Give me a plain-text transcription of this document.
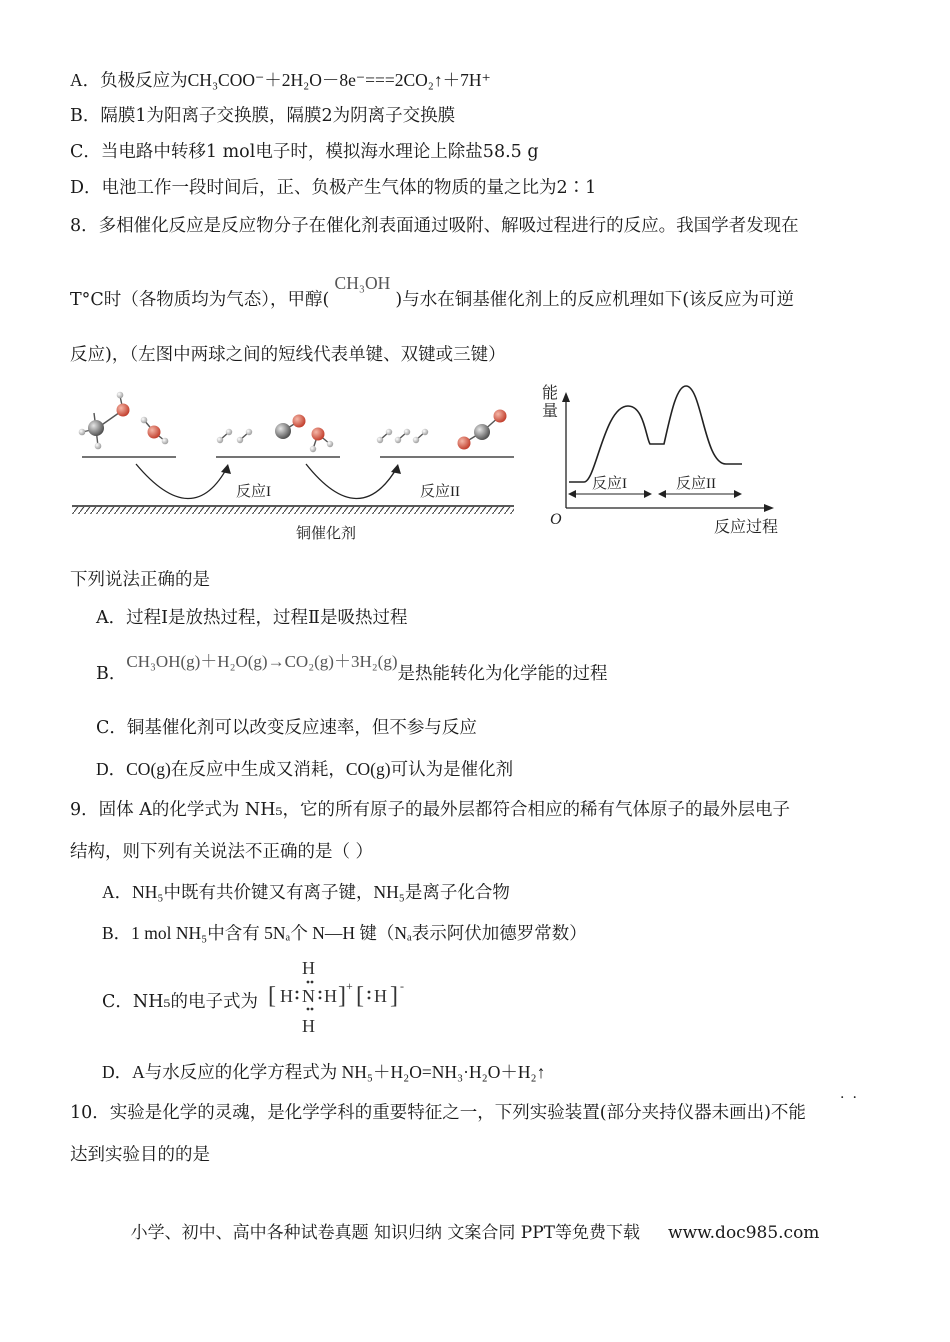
A．负极反应为CH₃COO⁻＋2H₂O－8e⁻===2CO₂↑＋7H⁺
B．隔膜1为阳离子交换膜，隔膜2为阴离子交换膜
C．当电路中转移1 mol电子时，模拟海水理论上除盐58.5 g
D．电池工作一段时间后，正、负极产生气体的物质的量之比为2∶1
8．多相催化反应是反应物分子在催化剂表面通过吸附、解吸过程进行的反应。我国学者发现在
T°C时（各物质均为气态），甲醇(CH₃OH)与水在铜基催化剂上的反应机理如下(该反应为可逆
反应)，（左图中两球之间的短线代表单键、双键或三键）
反应I	反应II
铜催化剂
能
量
O	反应过程
反应I	反应II
下列说法正确的是
A．过程Ⅰ是放热过程，过程Ⅱ是吸热过程
B．CH₃OH(g)＋H₂O(g)→CO₂(g)＋3H₂(g)是热能转化为化学能的过程
C．铜基催化剂可以改变反应速率，但不参与反应
D．CO(g)在反应中生成又消耗，CO(g)可认为是催化剂
9．固体 A的化学式为 NH₅，它的所有原子的最外层都符合相应的稀有气体原子的最外层电子
结构，则下列有关说法不正确的是（ ）
A．NH₅中既有共价键又有离子键，NH₅是离子化合物
B．1 mol NH₅中含有 5Nₐ个 N—H 键（Nₐ表示阿伏加德罗常数）
C．NH₅的电子式为
H
H
[ H N H ] + [ H ] -
D．A与水反应的化学方程式为 NH₅＋H₂O=NH₃·H₂O＋H₂↑
··
10．实验是化学的灵魂，是化学学科的重要特征之一，下列实验装置(部分夹持仪器未画出)不能
达到实验目的的是
小学、初中、高中各种试卷真题 知识归纳 文案合同 PPT等免费下载 www.doc985.com
